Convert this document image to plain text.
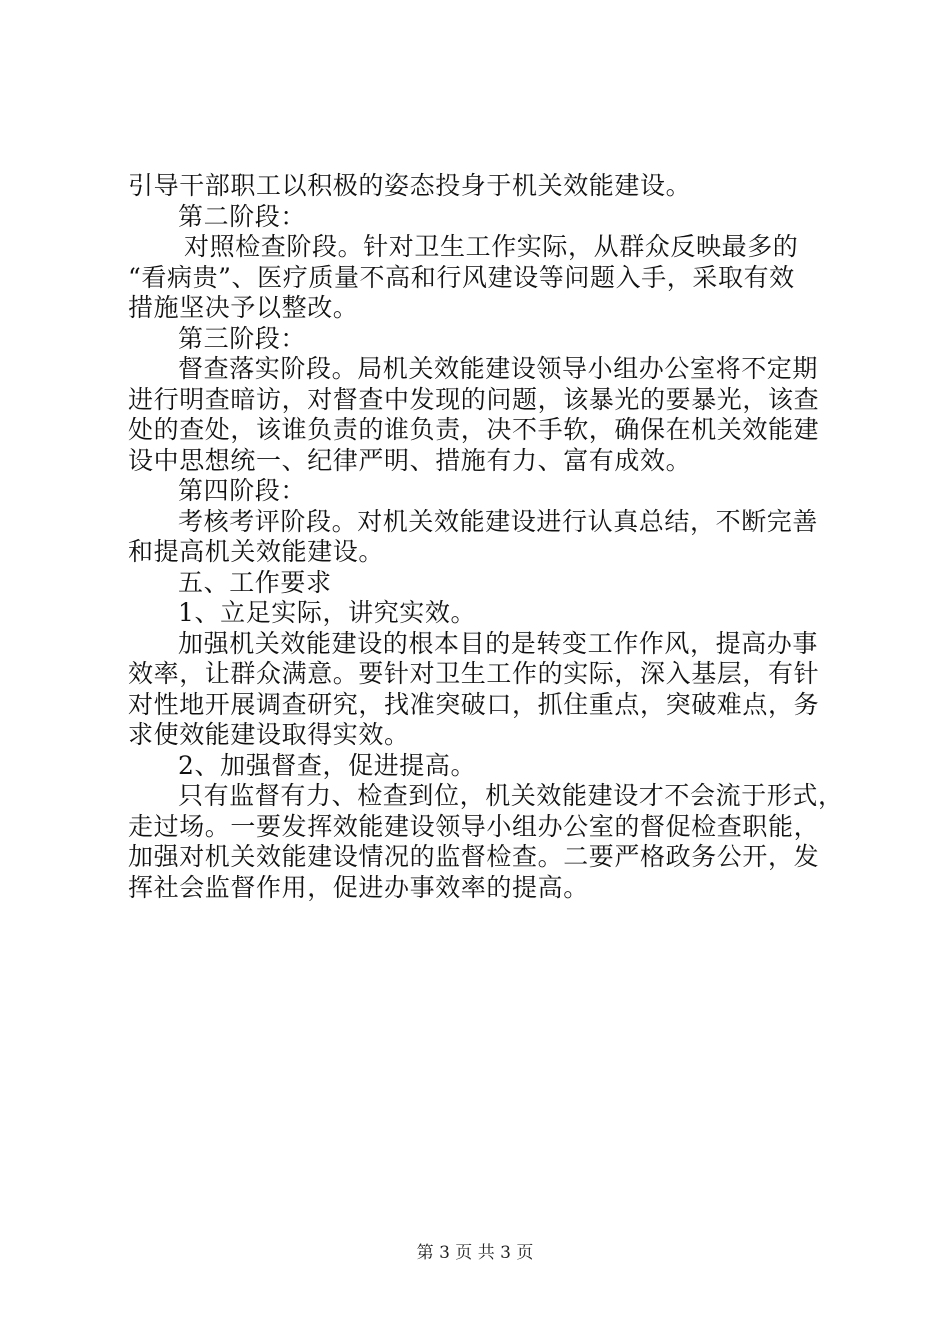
引导干部职工以积极的姿态投身于机关效能建设。
第二阶段：
对照检查阶段。针对卫生工作实际，从群众反映最多的
“看病贵”、医疗质量不高和行风建设等问题入手，采取有效
措施坚决予以整改。
第三阶段：
督查落实阶段。局机关效能建设领导小组办公室将不定期
进行明查暗访，对督查中发现的问题，该暴光的要暴光，该查
处的查处，该谁负责的谁负责，决不手软，确保在机关效能建
设中思想统一、纪律严明、措施有力、富有成效。
第四阶段：
考核考评阶段。对机关效能建设进行认真总结，不断完善
和提高机关效能建设。
五、工作要求
1、立足实际，讲究实效。
加强机关效能建设的根本目的是转变工作作风，提高办事
效率，让群众满意。要针对卫生工作的实际，深入基层，有针
对性地开展调查研究，找准突破口，抓住重点，突破难点，务
求使效能建设取得实效。
2、加强督查，促进提高。
只有监督有力、检查到位，机关效能建设才不会流于形式，
走过场。一要发挥效能建设领导小组办公室的督促检查职能，
加强对机关效能建设情况的监督检查。二要严格政务公开，发
挥社会监督作用，促进办事效率的提高。
第 3 页 共 3 页
